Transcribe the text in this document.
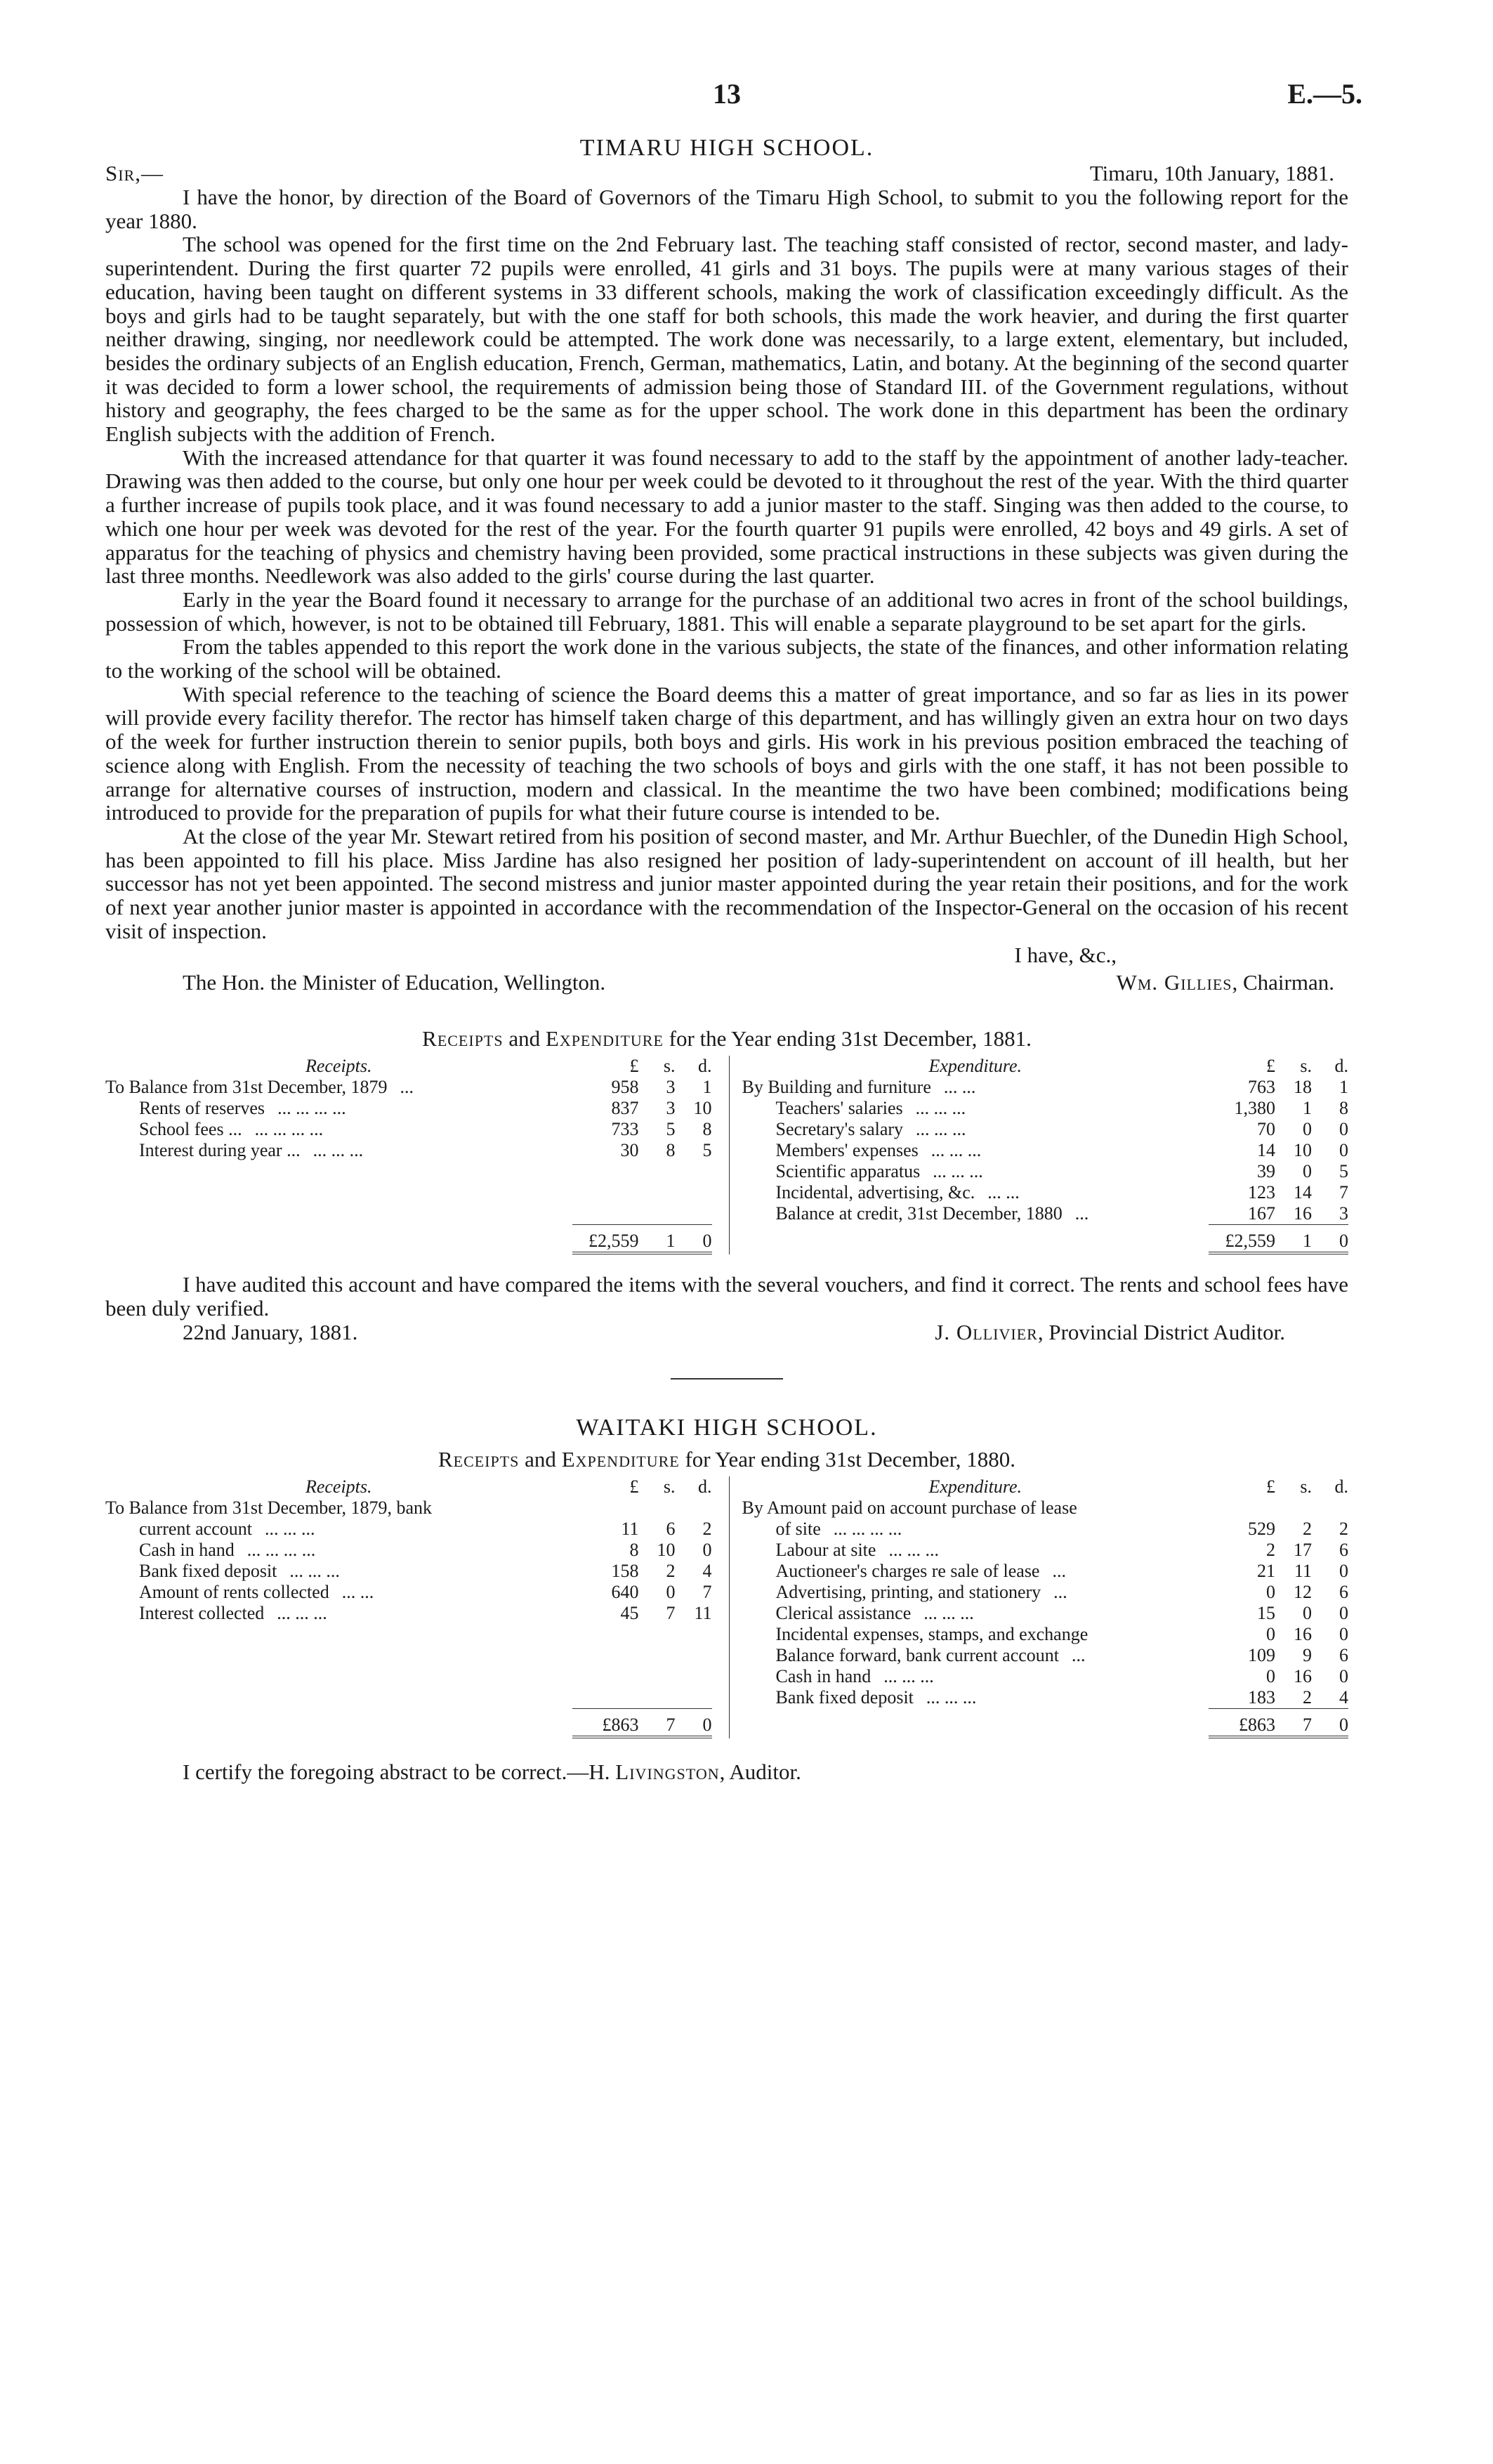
13	E.—5.
TIMARU HIGH SCHOOL.
Sir,—	Timaru, 10th January, 1881.

I have the honor, by direction of the Board of Governors of the Timaru High School, to submit to you the following report for the year 1880.

The school was opened for the first time on the 2nd February last. The teaching staff consisted of rector, second master, and lady-superintendent. During the first quarter 72 pupils were enrolled, 41 girls and 31 boys. The pupils were at many various stages of their education, having been taught on different systems in 33 different schools, making the work of classification exceedingly difficult. As the boys and girls had to be taught separately, but with the one staff for both schools, this made the work heavier, and during the first quarter neither drawing, singing, nor needlework could be attempted. The work done was necessarily, to a large extent, elementary, but included, besides the ordinary subjects of an English education, French, German, mathematics, Latin, and botany. At the beginning of the second quarter it was decided to form a lower school, the requirements of admission being those of Standard III. of the Government regulations, without history and geography, the fees charged to be the same as for the upper school. The work done in this department has been the ordinary English subjects with the addition of French.

With the increased attendance for that quarter it was found necessary to add to the staff by the appointment of another lady-teacher. Drawing was then added to the course, but only one hour per week could be devoted to it throughout the rest of the year. With the third quarter a further increase of pupils took place, and it was found necessary to add a junior master to the staff. Singing was then added to the course, to which one hour per week was devoted for the rest of the year. For the fourth quarter 91 pupils were enrolled, 42 boys and 49 girls. A set of apparatus for the teaching of physics and chemistry having been provided, some practical instructions in these subjects was given during the last three months. Needlework was also added to the girls' course during the last quarter.

Early in the year the Board found it necessary to arrange for the purchase of an additional two acres in front of the school buildings, possession of which, however, is not to be obtained till February, 1881. This will enable a separate playground to be set apart for the girls.

From the tables appended to this report the work done in the various subjects, the state of the finances, and other information relating to the working of the school will be obtained.

With special reference to the teaching of science the Board deems this a matter of great importance, and so far as lies in its power will provide every facility therefor. The rector has himself taken charge of this department, and has willingly given an extra hour on two days of the week for further instruction therein to senior pupils, both boys and girls. His work in his previous position embraced the teaching of science along with English. From the necessity of teaching the two schools of boys and girls with the one staff, it has not been possible to arrange for alternative courses of instruction, modern and classical. In the meantime the two have been combined; modifications being introduced to provide for the preparation of pupils for what their future course is intended to be.

At the close of the year Mr. Stewart retired from his position of second master, and Mr. Arthur Buechler, of the Dunedin High School, has been appointed to fill his place. Miss Jardine has also resigned her position of lady-superintendent on account of ill health, but her successor has not yet been appointed. The second mistress and junior master appointed during the year retain their positions, and for the work of next year another junior master is appointed in accordance with the recommendation of the Inspector-General on the occasion of his recent visit of inspection.

I have, &c.,
The Hon. the Minister of Education, Wellington.	Wm. Gillies, Chairman.
Receipts and Expenditure for the Year ending 31st December, 1881.
Receipts.	£	s.	d.
To Balance from 31st December, 1879 ...	958	3	1
Rents of reserves ... ... ... ...	837	3	10
School fees ... ... ... ... ...	733	5	8
Interest during year ... ... ... ...	30	8	5

	£2,559	1	0
Expenditure.	£	s.	d.
By Building and furniture ... ...	763	18	1
Teachers' salaries ... ... ...	1,380	1	8
Secretary's salary ... ... ...	70	0	0
Members' expenses ... ... ...	14	10	0
Scientific apparatus ... ... ...	39	0	5
Incidental, advertising, &c. ... ...	123	14	7
Balance at credit, 31st December, 1880 ...	167	16	3
	£2,559	1	0

I have audited this account and have compared the items with the several vouchers, and find it correct. The rents and school fees have been duly verified.

22nd January, 1881.	J. Ollivier, Provincial District Auditor.
WAITAKI HIGH SCHOOL.
Receipts and Expenditure for Year ending 31st December, 1880.
Receipts.	£	s.	d.
To Balance from 31st December, 1879, bank			
current account ... ... ...	11	6	2
Cash in hand ... ... ... ...	8	10	0
Bank fixed deposit ... ... ...	158	2	4
Amount of rents collected ... ...	640	0	7
Interest collected ... ... ...	45	7	11

	£863	7	0
Expenditure.	£	s.	d.
By Amount paid on account purchase of lease			
of site ... ... ... ...	529	2	2
Labour at site ... ... ...	2	17	6
Auctioneer's charges re sale of lease ...	21	11	0
Advertising, printing, and stationery ...	0	12	6
Clerical assistance ... ... ...	15	0	0
Incidental expenses, stamps, and exchange	0	16	0
Balance forward, bank current account ...	109	9	6
Cash in hand ... ... ...	0	16	0
Bank fixed deposit ... ... ...	183	2	4
	£863	7	0
I certify the foregoing abstract to be correct.—H. Livingston, Auditor.
